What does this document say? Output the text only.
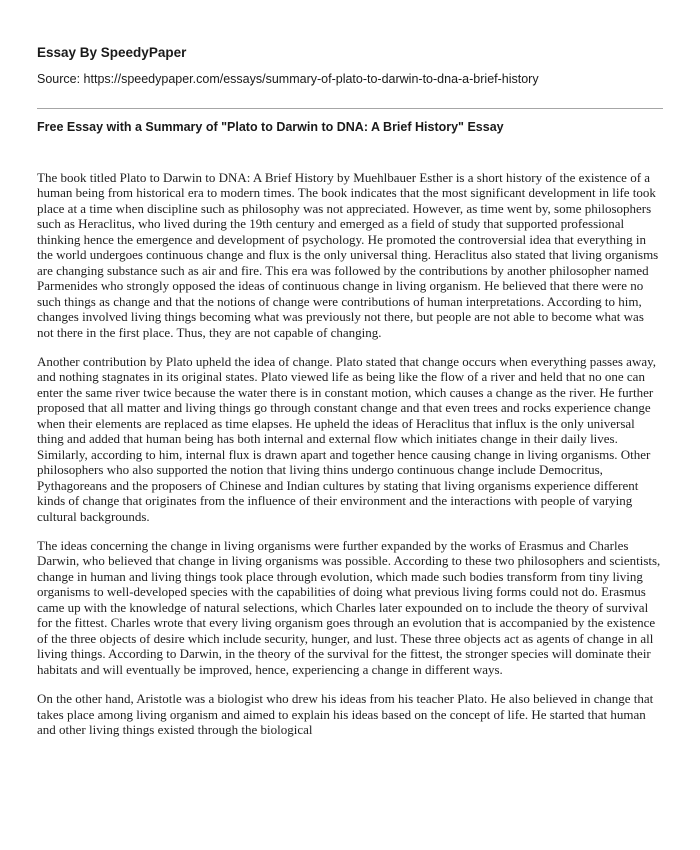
Essay By SpeedyPaper
Source: https://speedypaper.com/essays/summary-of-plato-to-darwin-to-dna-a-brief-history
Free Essay with a Summary of "Plato to Darwin to DNA: A Brief History" Essay

The book titled Plato to Darwin to DNA: A Brief History by Muehlbauer Esther is a short history of the existence of a human being from historical era to modern times. The book indicates that the most significant development in life took place at a time when discipline such as philosophy was not appreciated. However, as time went by, some philosophers such as Heraclitus, who lived during the 19th century and emerged as a field of study that supported professional thinking hence the emergence and development of psychology. He promoted the controversial idea that everything in the world undergoes continuous change and flux is the only universal thing. Heraclitus also stated that living organisms are changing substance such as air and fire. This era was followed by the contributions by another philosopher named Parmenides who strongly opposed the ideas of continuous change in living organism. He believed that there were no such things as change and that the notions of change were contributions of human interpretations. According to him, changes involved living things becoming what was previously not there, but people are not able to become what was not there in the first place. Thus, they are not capable of changing.

Another contribution by Plato upheld the idea of change. Plato stated that change occurs when everything passes away, and nothing stagnates in its original states. Plato viewed life as being like the flow of a river and held that no one can enter the same river twice because the water there is in constant motion, which causes a change as the river. He further proposed that all matter and living things go through constant change and that even trees and rocks experience change when their elements are replaced as time elapses. He upheld the ideas of Heraclitus that influx is the only universal thing and added that human being has both internal and external flow which initiates change in their daily lives. Similarly, according to him, internal flux is drawn apart and together hence causing change in living organisms. Other philosophers who also supported the notion that living thins undergo continuous change include Democritus, Pythagoreans and the proposers of Chinese and Indian cultures by stating that living organisms experience different kinds of change that originates from the influence of their environment and the interactions with people of varying cultural backgrounds.

The ideas concerning the change in living organisms were further expanded by the works of Erasmus and Charles Darwin, who believed that change in living organisms was possible. According to these two philosophers and scientists, change in human and living things took place through evolution, which made such bodies transform from tiny living organisms to well-developed species with the capabilities of doing what previous living forms could not do. Erasmus came up with the knowledge of natural selections, which Charles later expounded on to include the theory of survival for the fittest. Charles wrote that every living organism goes through an evolution that is accompanied by the existence of the three objects of desire which include security, hunger, and lust. These three objects act as agents of change in all living things. According to Darwin, in the theory of the survival for the fittest, the stronger species will dominate their habitats and will eventually be improved, hence, experiencing a change in different ways.

On the other hand, Aristotle was a biologist who drew his ideas from his teacher Plato. He also believed in change that takes place among living organism and aimed to explain his ideas based on the concept of life. He started that human and other living things existed through the biological
